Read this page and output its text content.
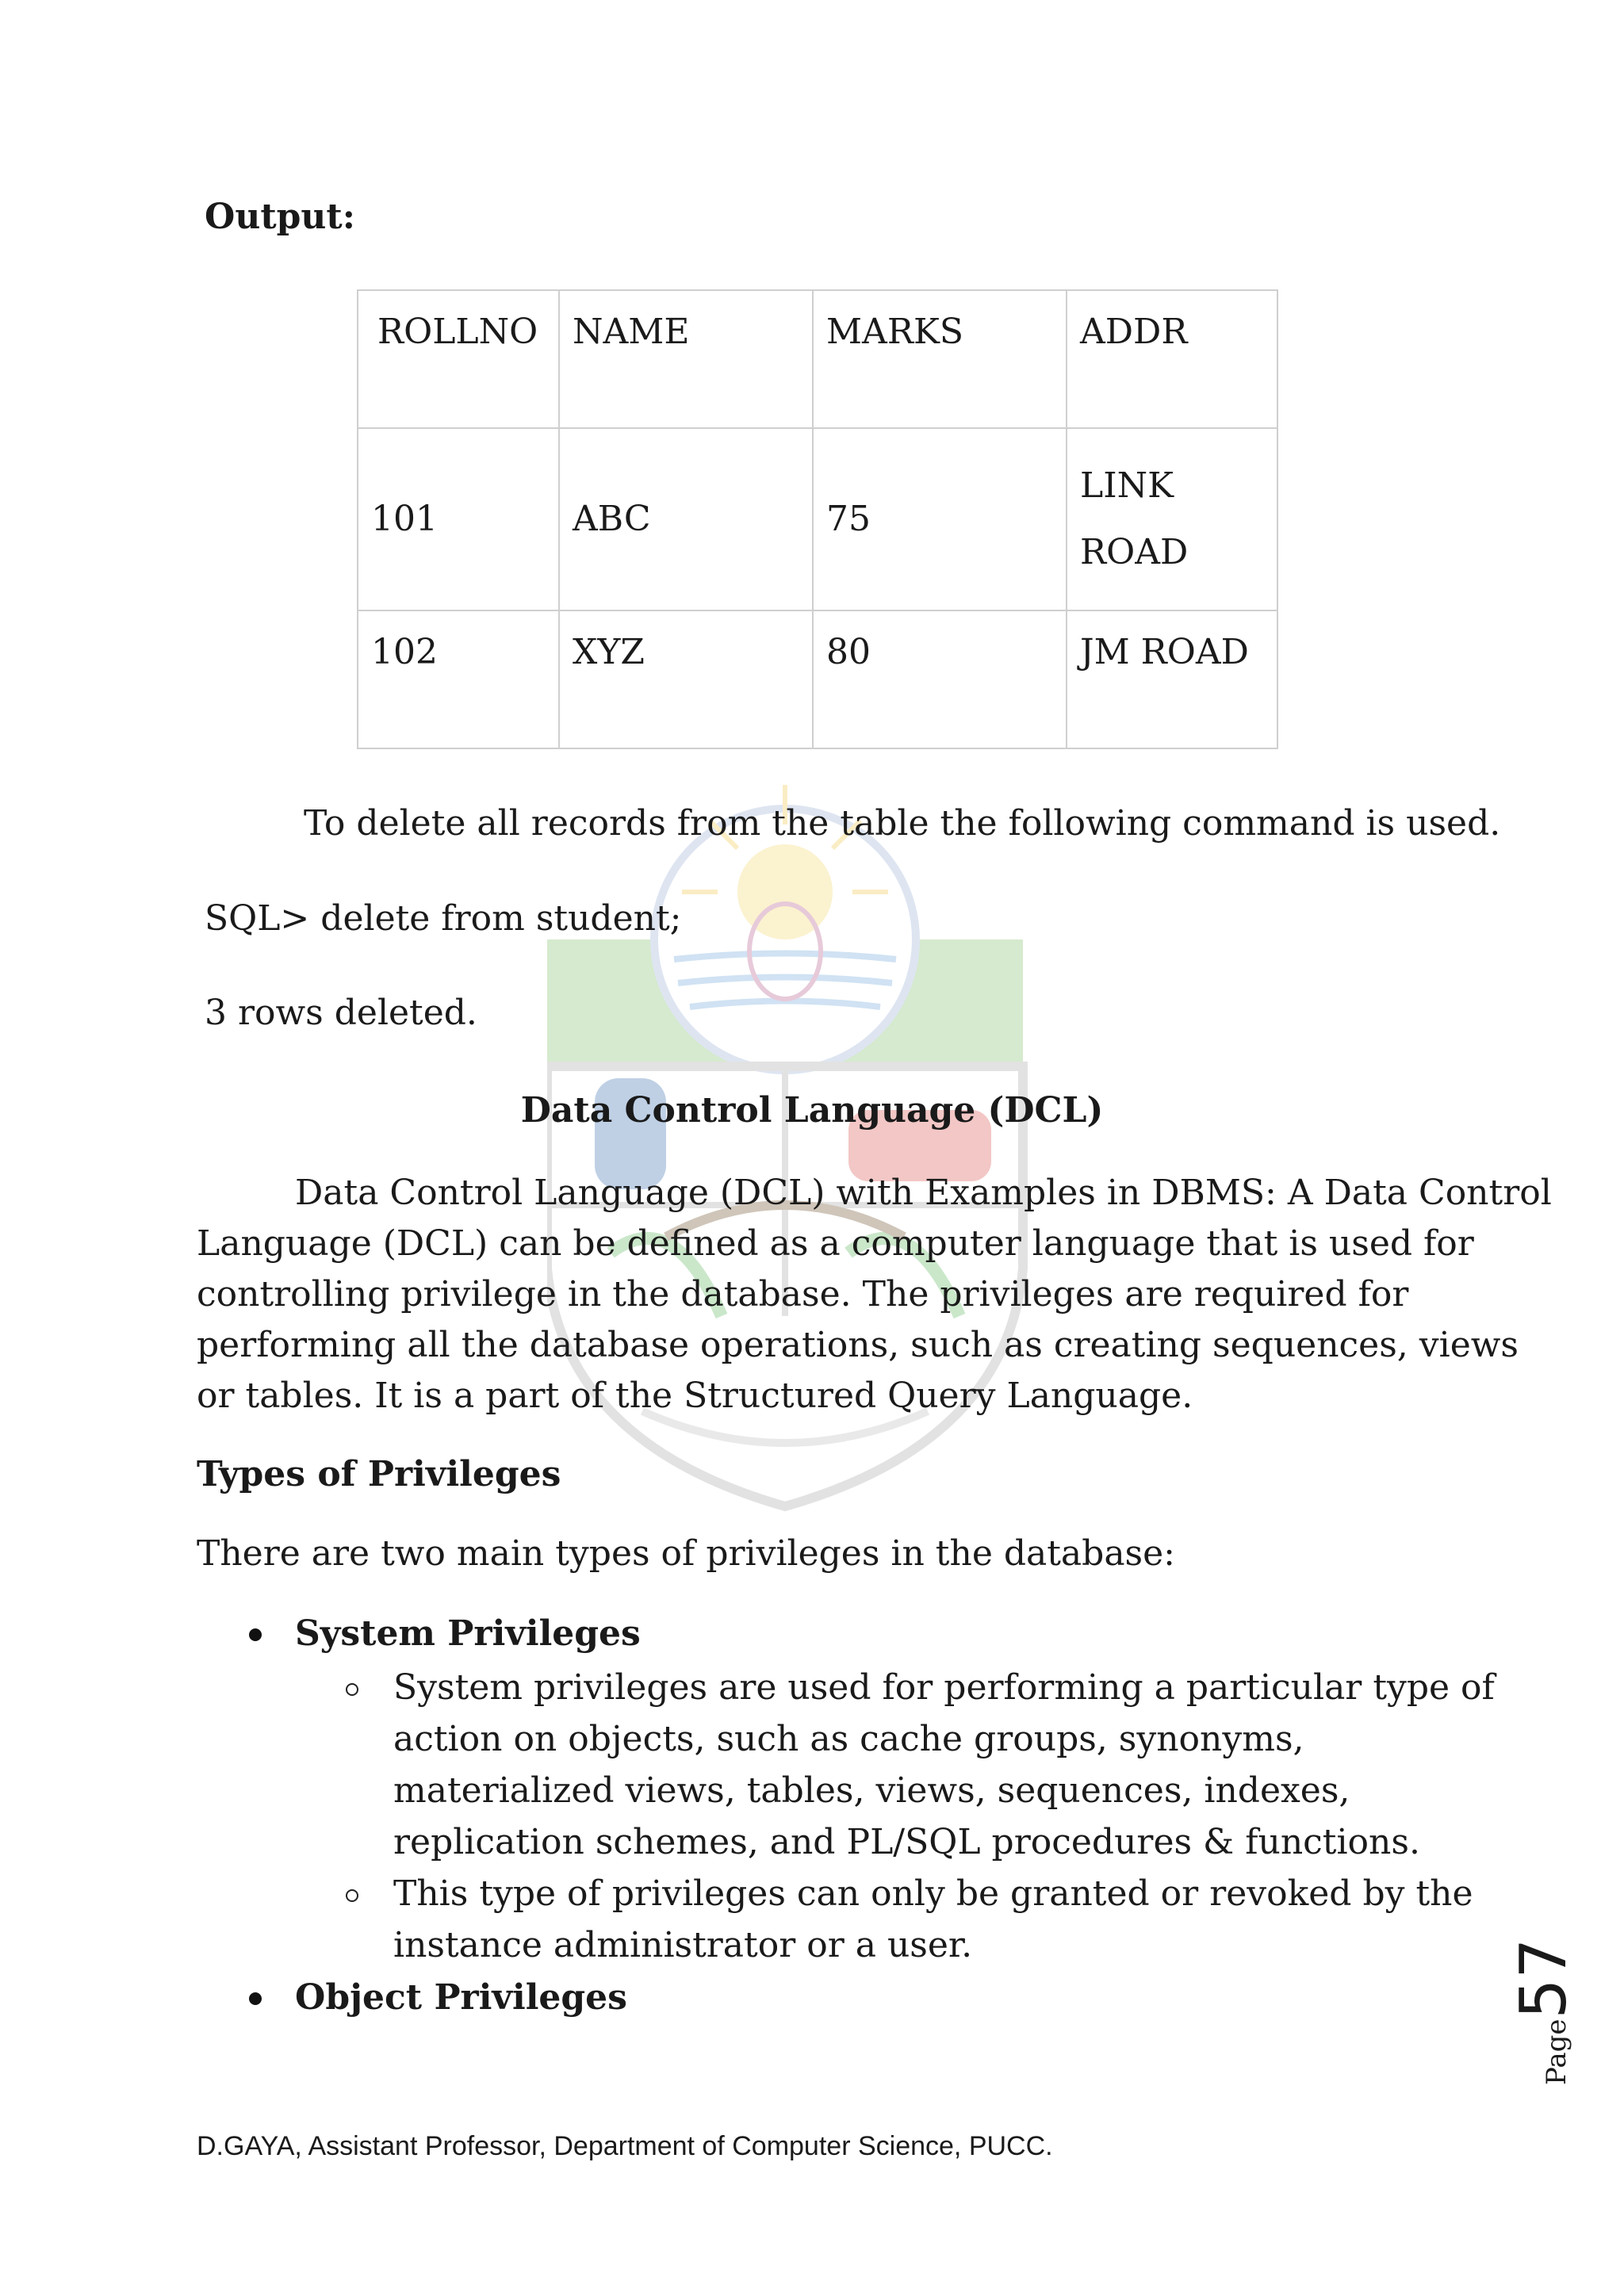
Output:
ROLLNO	NAME	MARKS	ADDR
101	ABC	75	LINK
ROAD
102	XYZ	80	JM ROAD
To delete all records from the table the following command is used.
SQL> delete from student;
3 rows deleted.
Data Control Language (DCL)
Data Control Language (DCL) with Examples in DBMS: A Data Control
Language (DCL) can be defined as a computer language that is used for
controlling privilege in the database. The privileges are required for
performing all the database operations, such as creating sequences, views
or tables. It is a part of the Structured Query Language.
Types of Privileges
There are two main types of privileges in the database:
System Privileges
System privileges are used for performing a particular type of
action on objects, such as cache groups, synonyms,
materialized views, tables, views, sequences, indexes,
replication schemes, and PL/SQL procedures & functions.
This type of privileges can only be granted or revoked by the
instance administrator or a user.
Object Privileges
Page57
D.GAYA, Assistant Professor, Department of Computer Science, PUCC.
